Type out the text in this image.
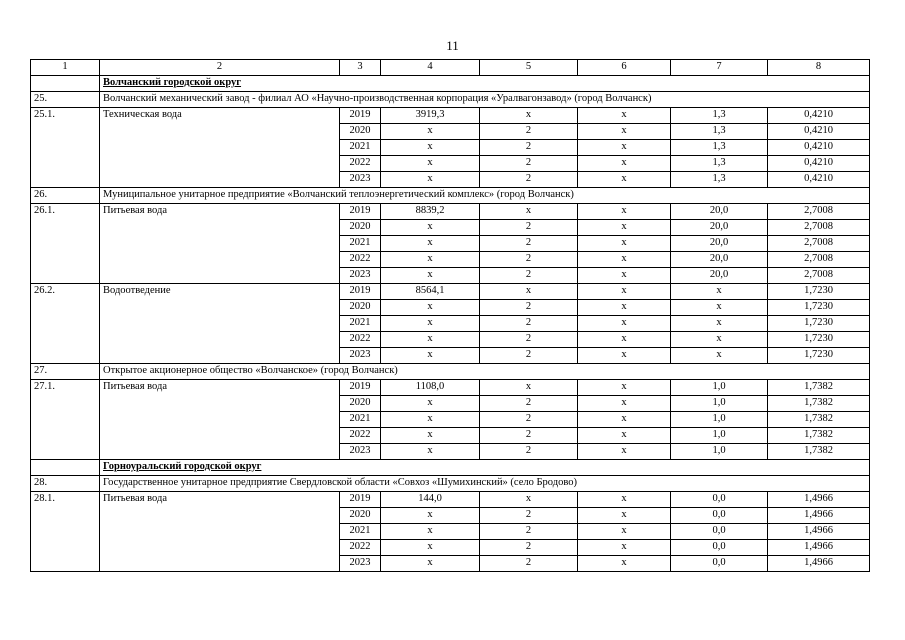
11
1	2	3	4	5	6	7	8
	Волчанский городской округ						
25.	Волчанский механический завод - филиал АО «Научно-производственная корпорация «Уралвагонзавод» (город Волчанск)						
25.1.	Техническая вода	2019	3919,3	х	х	1,3	0,4210
		2020	х	2	х	1,3	0,4210
		2021	х	2	х	1,3	0,4210
		2022	х	2	х	1,3	0,4210
		2023	х	2	х	1,3	0,4210
26.	Муниципальное унитарное предприятие «Волчанский теплоэнергетический комплекс» (город Волчанск)						
26.1.	Питьевая вода	2019	8839,2	х	х	20,0	2,7008
		2020	х	2	х	20,0	2,7008
		2021	х	2	х	20,0	2,7008
		2022	х	2	х	20,0	2,7008
		2023	х	2	х	20,0	2,7008
26.2.	Водоотведение	2019	8564,1	х	х	х	1,7230
		2020	х	2	х	х	1,7230
		2021	х	2	х	х	1,7230
		2022	х	2	х	х	1,7230
		2023	х	2	х	х	1,7230
27.	Открытое акционерное общество «Волчанское» (город Волчанск)						
27.1.	Питьевая вода	2019	1108,0	х	х	1,0	1,7382
		2020	х	2	х	1,0	1,7382
		2021	х	2	х	1,0	1,7382
		2022	х	2	х	1,0	1,7382
		2023	х	2	х	1,0	1,7382
	Горноуральский городской округ						
28.	Государственное унитарное предприятие Свердловской области «Совхоз «Шумихинский» (село Бродово)						
28.1.	Питьевая вода	2019	144,0	х	х	0,0	1,4966
		2020	х	2	х	0,0	1,4966
		2021	х	2	х	0,0	1,4966
		2022	х	2	х	0,0	1,4966
		2023	х	2	х	0,0	1,4966
